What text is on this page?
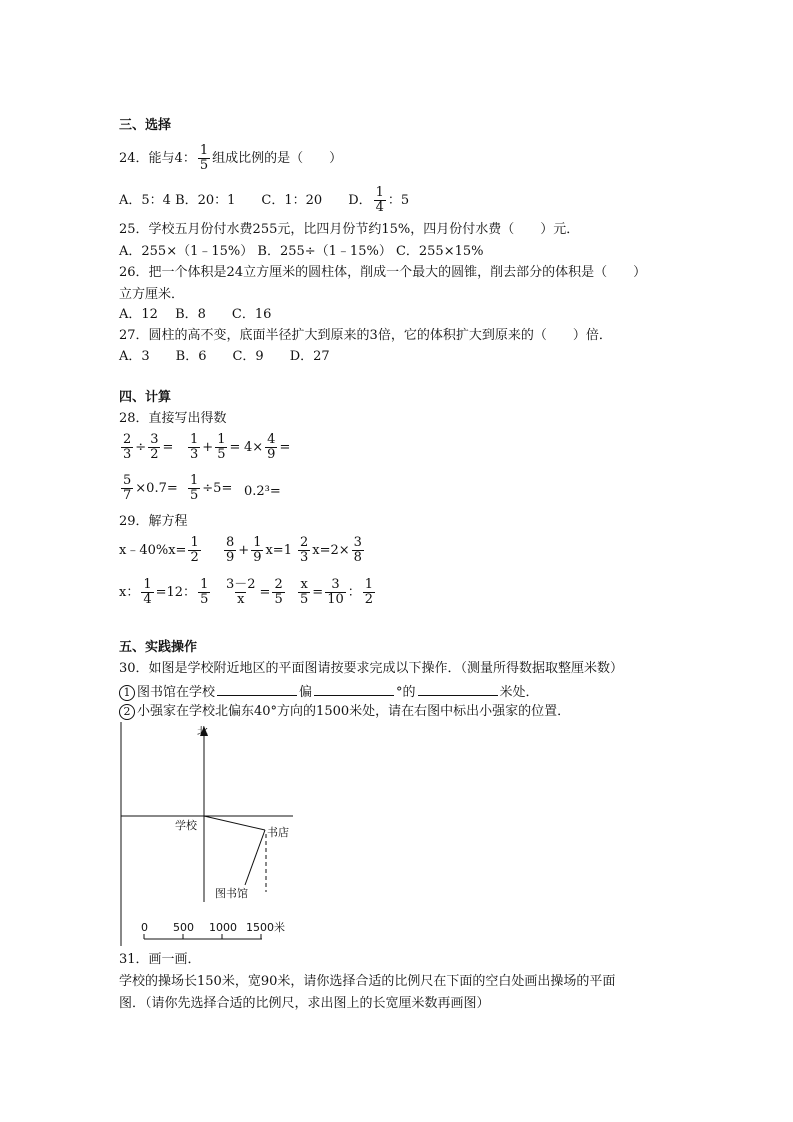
三、选择
24．能与4： $\frac{1}{5}$ 组成比例的是（　　）
A．5：4 B．20：1　　C．1：20　　D． $\frac{1}{4}$ ：5
25．学校五月份付水费255元，比四月份节约15%，四月份付水费（　　）元．
A．255×（1﹣15%） B．255÷（1﹣15%） C．255×15%
26．把一个体积是24立方厘米的圆柱体，削成一个最大的圆锥，削去部分的体积是（　　）
立方厘米．
A．12　 B．8　　C．16
27．圆柱的高不变，底面半径扩大到原来的3倍，它的体积扩大到原来的（　　）倍．
A．3　　B．6　　C．9　　D．27
四、计算
28．直接写出得数
$\frac{2}{3} \div \frac{3}{2} = \frac{1}{3} + \frac{1}{5} = 4\times \frac{4}{9}$ =
$\frac{5}{7} \times 0.7= \frac{1}{5} \div 5= 0.2^3=$
29．解方程
x﹣40%x= $\frac{1}{2} \frac{8}{9} + \frac{1}{9} x=1 \frac{2}{3} x=2\times \frac{3}{8}$
x： $\frac{1}{4} =12$： $\frac{1}{5} \frac{3-2}{x} = \frac{2}{5} \frac{x}{5} = \frac{3}{10}$ ： $\frac{1}{2}$
五、实践操作
30．如图是学校附近地区的平面图请按要求完成以下操作．（测量所得数据取整厘米数）
1 图书馆在学校	偏	°的	米处．
2 小强家在学校北偏东40°方向的1500米处，请在右图中标出小强家的位置．
北
学校
书店
图书馆
0 500 1000 1500米
31．画一画．
学校的操场长150米，宽90米，请你选择合适的比例尺在下面的空白处画出操场的平面
图．（请你先选择合适的比例尺，求出图上的长宽厘米数再画图）
